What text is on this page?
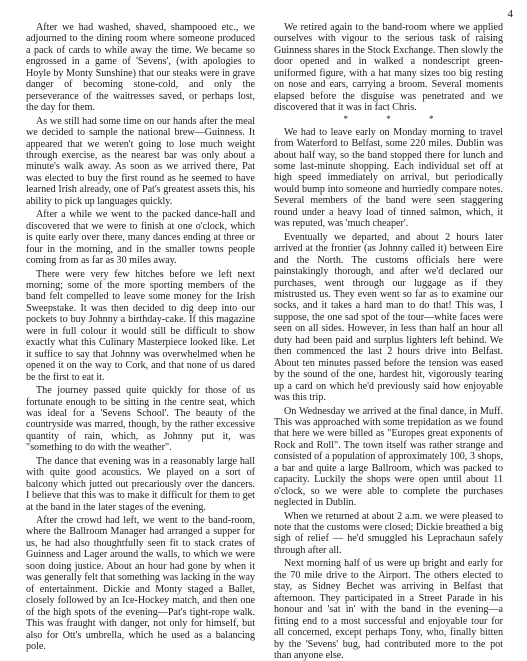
4

After we had washed, shaved, shampooed etc., we adjourned to the dining room where someone produced a pack of cards to while away the time. We became so engrossed in a game of 'Sevens', (with apologies to Hoyle by Monty Sunshine) that our steaks were in grave danger of becoming stone-cold, and only the perseverance of the waitresses saved, or perhaps lost, the day for them.

As we still had some time on our hands after the meal we decided to sample the national brew—Guinness. It appeared that we weren't going to lose much weight through exercise, as the nearest bar was only about a minute's walk away. As soon as we arrived there, Pat was elected to buy the first round as he seemed to have learned Irish already, one of Pat's greatest assets this, his ability to pick up languages quickly.

After a while we went to the packed dance-hall and discovered that we were to finish at one o'clock, which is quite early over there, many dances ending at three or four in the morning, and in the smaller towns people coming from as far as 30 miles away.

There were very few hitches before we left next morning; some of the more sporting members of the band felt compelled to leave some money for the Irish Sweepstake. It was then decided to dig deep into our pockets to buy Johnny a birthday-cake. If this magazine were in full colour it would still be difficult to show exactly what this Culinary Masterpiece looked like. Let it suffice to say that Johnny was overwhelmed when he opened it on the way to Cork, and that none of us dared be the first to eat it.

The journey passed quite quickly for those of us fortunate enough to be sitting in the centre seat, which was ideal for a 'Sevens School'. The beauty of the countryside was marred, though, by the rather excessive quantity of rain, which, as Johnny put it, was "something to do with the weather".

The dance that evening was in a reasonably large hall with quite good acoustics. We played on a sort of balcony which jutted out precariously over the dancers. I believe that this was to make it difficult for them to get at the band in the later stages of the evening.

After the crowd had left, we went to the band-room, where the Ballroom Manager had arranged a supper for us, he had also thoughtfully seen fit to stack crates of Guinness and Lager around the walls, to which we were soon doing justice. About an hour had gone by when it was generally felt that something was lacking in the way of entertainment. Dickie and Monty staged a Ballet, closely followed by an Ice-Hockey match, and then one of the high spots of the evening—Pat's tight-rope walk. This was fraught with danger, not only for himself, but also for Ott's umbrella, which he used as a balancing pole.

We retired again to the band-room where we applied ourselves with vigour to the serious task of raising Guinness shares in the Stock Exchange. Then slowly the door opened and in walked a nondescript green-uniformed figure, with a hat many sizes too big resting on nose and ears, carrying a broom. Several moments elapsed before the disguise was penetrated and we discovered that it was in fact Chris.

* * *

We had to leave early on Monday morning to travel from Waterford to Belfast, some 220 miles. Dublin was about half way, so the band stopped there for lunch and some last-minute shopping. Each individual set off at high speed immediately on arrival, but periodically would bump into someone and hurriedly compare notes. Several members of the band were seen staggering round under a heavy load of tinned salmon, which, it was reputed, was 'much cheaper'.

Eventually we departed, and about 2 hours later arrived at the frontier (as Johnny called it) between Eire and the North. The customs officials here were painstakingly thorough, and after we'd declared our purchases, went through our luggage as if they mistrusted us. They even went so far as to examine our socks, and it takes a hard man to do that! This was, I suppose, the one sad spot of the tour—white faces were seen on all sides. However, in less than half an hour all duty had been paid and surplus lighters left behind. We then commenced the last 2 hours drive into Belfast. About ten minutes passed before the tension was eased by the sound of the one, hardest hit, vigorously tearing up a card on which he'd previously said how enjoyable was this trip.

On Wednesday we arrived at the final dance, in Muff. This was approached with some trepidation as we found that here we were billed as "Europes great exponents of Rock and Roll". The town itself was rather strange and consisted of a population of approximately 100, 3 shops, a bar and quite a large Ballroom, which was packed to capacity. Luckily the shops were open until about 11 o'clock, so we were able to complete the purchases neglected in Dublin.

When we returned at about 2 a.m. we were pleased to note that the customs were closed; Dickie breathed a big sigh of relief — he'd smuggled his Leprachaun safely through after all.

Next morning half of us were up bright and early for the 70 mile drive to the Airport. The others elected to stay, as Sidney Bechet was arriving in Belfast that afternoon. They participated in a Street Parade in his honour and 'sat in' with the band in the evening—a fitting end to a most successful and enjoyable tour for all concerned, except perhaps Tony, who, finally bitten by the 'Sevens' bug, had contributed more to the pot than anyone else.
